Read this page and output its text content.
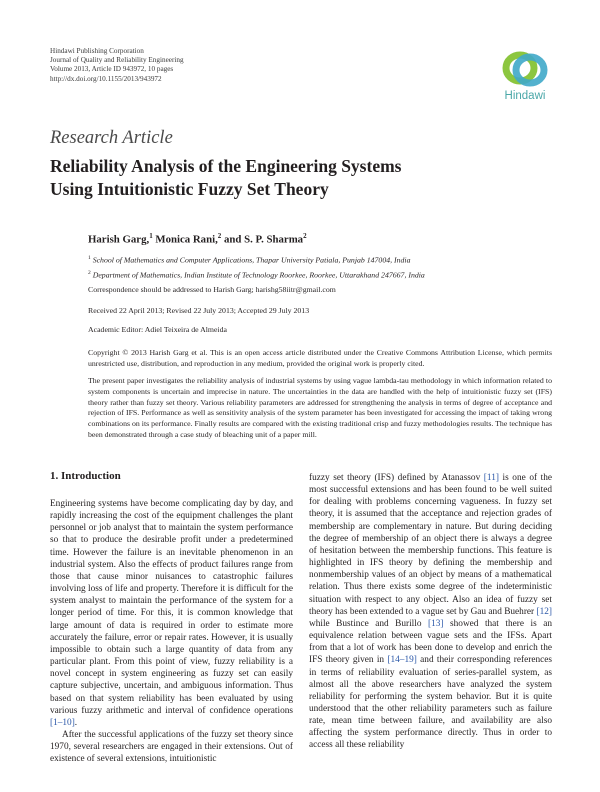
Hindawi Publishing Corporation
Journal of Quality and Reliability Engineering
Volume 2013, Article ID 943972, 10 pages
http://dx.doi.org/10.1155/2013/943972
Hindawi
Research Article
Reliability Analysis of the Engineering Systems
Using Intuitionistic Fuzzy Set Theory
Harish Garg,$^1$ Monica Rani,$^2$ and S. P. Sharma$^2$
$^1$ School of Mathematics and Computer Applications, Thapar University Patiala, Punjab 147004, India
$^2$ Department of Mathematics, Indian Institute of Technology Roorkee, Roorkee, Uttarakhand 247667, India
Correspondence should be addressed to Harish Garg; harishg58iitr@gmail.com
Received 22 April 2013; Revised 22 July 2013; Accepted 29 July 2013
Academic Editor: Adiel Teixeira de Almeida
Copyright © 2013 Harish Garg et al. This is an open access article distributed under the Creative Commons Attribution License, which permits unrestricted use, distribution, and reproduction in any medium, provided the original work is properly cited.
The present paper investigates the reliability analysis of industrial systems by using vague lambda-tau methodology in which information related to system components is uncertain and imprecise in nature. The uncertainties in the data are handled with the help of intuitionistic fuzzy set (IFS) theory rather than fuzzy set theory. Various reliability parameters are addressed for strengthening the analysis in terms of degree of acceptance and rejection of IFS. Performance as well as sensitivity analysis of the system parameter has been investigated for accessing the impact of taking wrong combinations on its performance. Finally results are compared with the existing traditional crisp and fuzzy methodologies results. The technique has been demonstrated through a case study of bleaching unit of a paper mill.
1. Introduction

Engineering systems have become complicating day by day, and rapidly increasing the cost of the equipment challenges the plant personnel or job analyst that to maintain the system performance so that to produce the desirable profit under a predetermined time. However the failure is an inevitable phenomenon in an industrial system. Also the effects of product failures range from those that cause minor nuisances to catastrophic failures involving loss of life and property. Therefore it is difficult for the system analyst to maintain the performance of the system for a longer period of time. For this, it is common knowledge that large amount of data is required in order to estimate more accurately the failure, error or repair rates. However, it is usually impossible to obtain such a large quantity of data from any particular plant. From this point of view, fuzzy reliability is a novel concept in system engineering as fuzzy set can easily capture subjective, uncertain, and ambiguous information. Thus based on that system reliability has been evaluated by using various fuzzy arithmetic and interval of confidence operations [1–10].

After the successful applications of the fuzzy set theory since 1970, several researchers are engaged in their extensions. Out of existence of several extensions, intuitionistic

fuzzy set theory (IFS) defined by Atanassov [11] is one of the most successful extensions and has been found to be well suited for dealing with problems concerning vagueness. In fuzzy set theory, it is assumed that the acceptance and rejection grades of membership are complementary in nature. But during deciding the degree of membership of an object there is always a degree of hesitation between the membership functions. This feature is highlighted in IFS theory by defining the membership and nonmembership values of an object by means of a mathematical relation. Thus there exists some degree of the indeterministic situation with respect to any object. Also an idea of fuzzy set theory has been extended to a vague set by Gau and Buehrer [12] while Bustince and Burillo [13] showed that there is an equivalence relation between vague sets and the IFSs. Apart from that a lot of work has been done to develop and enrich the IFS theory given in [14–19] and their corresponding references in terms of reliability evaluation of series-parallel system, as almost all the above researchers have analyzed the system reliability for performing the system behavior. But it is quite understood that the other reliability parameters such as failure rate, mean time between failure, and availability are also affecting the system performance directly. Thus in order to access all these reliability
